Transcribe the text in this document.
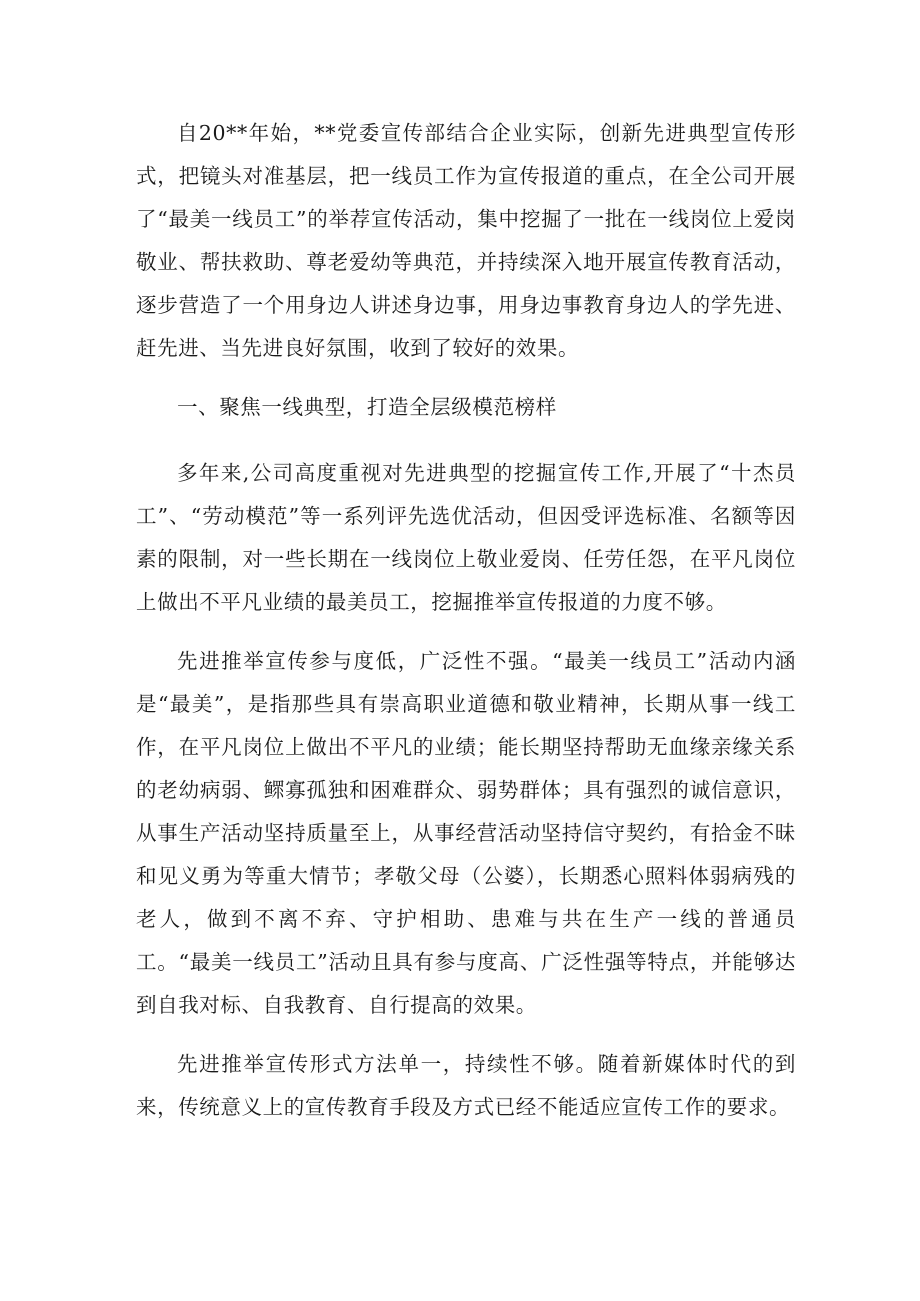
自20**年始，**党委宣传部结合企业实际，创新先进典型宣传形式，把镜头对准基层，把一线员工作为宣传报道的重点，在全公司开展了“最美一线员工”的举荐宣传活动，集中挖掘了一批在一线岗位上爱岗敬业、帮扶救助、尊老爱幼等典范，并持续深入地开展宣传教育活动，逐步营造了一个用身边人讲述身边事，用身边事教育身边人的学先进、赶先进、当先进良好氛围，收到了较好的效果。

一、聚焦一线典型，打造全层级模范榜样

多年来,公司高度重视对先进典型的挖掘宣传工作,开展了“十杰员工”、“劳动模范”等一系列评先选优活动，但因受评选标准、名额等因素的限制，对一些长期在一线岗位上敬业爱岗、任劳任怨，在平凡岗位上做出不平凡业绩的最美员工，挖掘推举宣传报道的力度不够。

先进推举宣传参与度低，广泛性不强。“最美一线员工”活动内涵是“最美”，是指那些具有崇高职业道德和敬业精神，长期从事一线工作，在平凡岗位上做出不平凡的业绩；能长期坚持帮助无血缘亲缘关系的老幼病弱、鳏寡孤独和困难群众、弱势群体；具有强烈的诚信意识，从事生产活动坚持质量至上，从事经营活动坚持信守契约，有拾金不昧和见义勇为等重大情节；孝敬父母（公婆），长期悉心照料体弱病残的老人，做到不离不弃、守护相助、患难与共在生产一线的普通员工。“最美一线员工”活动且具有参与度高、广泛性强等特点，并能够达到自我对标、自我教育、自行提高的效果。

先进推举宣传形式方法单一，持续性不够。随着新媒体时代的到来，传统意义上的宣传教育手段及方式已经不能适应宣传工作的要求。
